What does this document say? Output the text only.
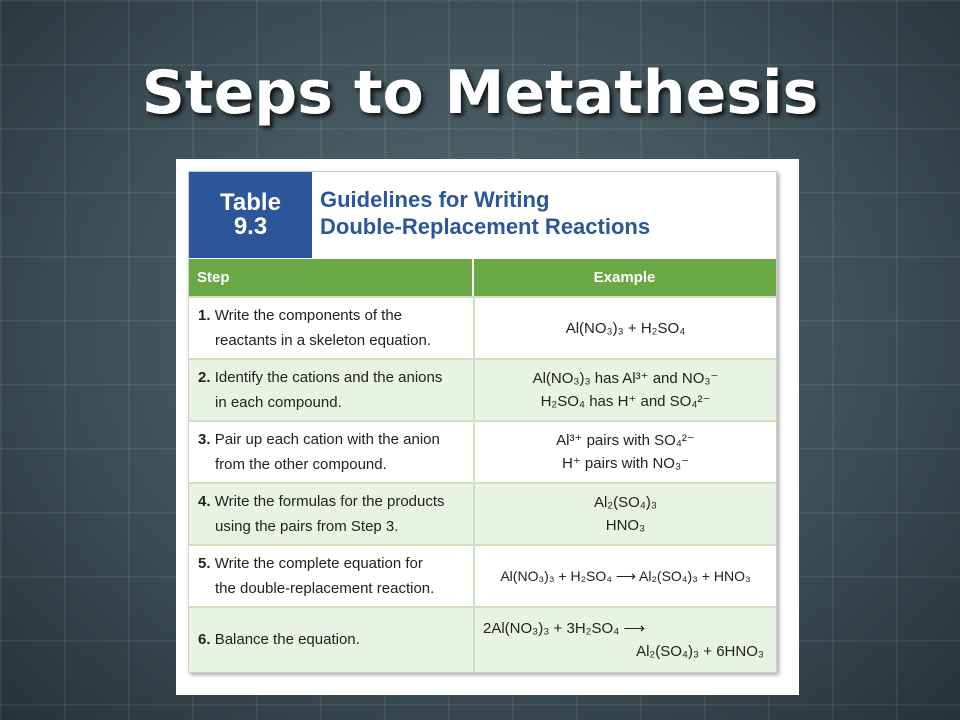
Steps to Metathesis
Table
9.3
Guidelines for Writing
Double-Replacement Reactions
Step	Example
1. Write the components of the
reactants in a skeleton equation.
Al(NO₃)₃ + H₂SO₄
2. Identify the cations and the anions
in each compound.
Al(NO₃)₃ has Al³⁺ and NO₃⁻
H₂SO₄ has H⁺ and SO₄²⁻
3. Pair up each cation with the anion
from the other compound.
Al³⁺ pairs with SO₄²⁻
H⁺ pairs with NO₃⁻
4. Write the formulas for the products
using the pairs from Step 3.
Al₂(SO₄)₃
HNO₃
5. Write the complete equation for
the double-replacement reaction.
Al(NO₃)₃ + H₂SO₄ ⟶ Al₂(SO₄)₃ + HNO₃
6. Balance the equation.
2Al(NO₃)₃ + 3H₂SO₄ ⟶
Al₂(SO₄)₃ + 6HNO₃
